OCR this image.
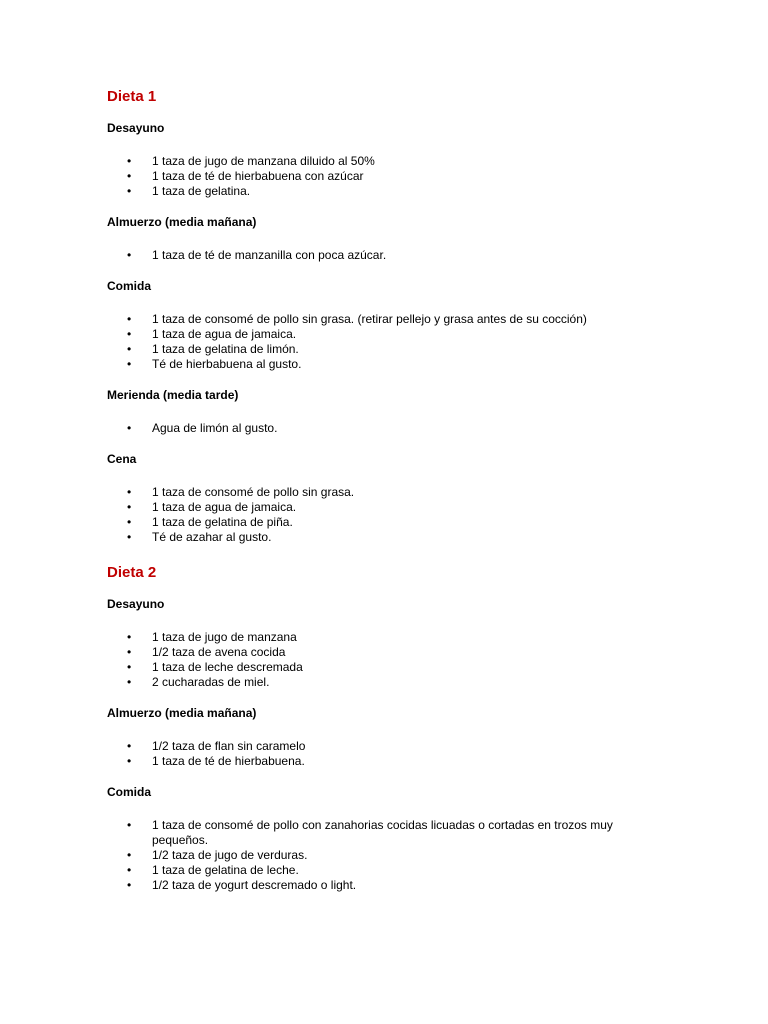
Dieta 1
Desayuno
• 1 taza de jugo de manzana diluido al 50%
• 1 taza de té de hierbabuena con azúcar
• 1 taza de gelatina.
Almuerzo (media mañana)
• 1 taza de té de manzanilla con poca azúcar.
Comida
• 1 taza de consomé de pollo sin grasa. (retirar pellejo y grasa antes de su cocción)
• 1 taza de agua de jamaica.
• 1 taza de gelatina de limón.
• Té de hierbabuena al gusto.
Merienda (media tarde)
• Agua de limón al gusto.
Cena
• 1 taza de consomé de pollo sin grasa.
• 1 taza de agua de jamaica.
• 1 taza de gelatina de piña.
• Té de azahar al gusto.
Dieta 2
Desayuno
• 1 taza de jugo de manzana
• 1/2 taza de avena cocida
• 1 taza de leche descremada
• 2 cucharadas de miel.
Almuerzo (media mañana)
• 1/2 taza de flan sin caramelo
• 1 taza de té de hierbabuena.
Comida
• 1 taza de consomé de pollo con zanahorias cocidas licuadas o cortadas en trozos muy pequeños.
• 1/2 taza de jugo de verduras.
• 1 taza de gelatina de leche.
• 1/2 taza de yogurt descremado o light.
